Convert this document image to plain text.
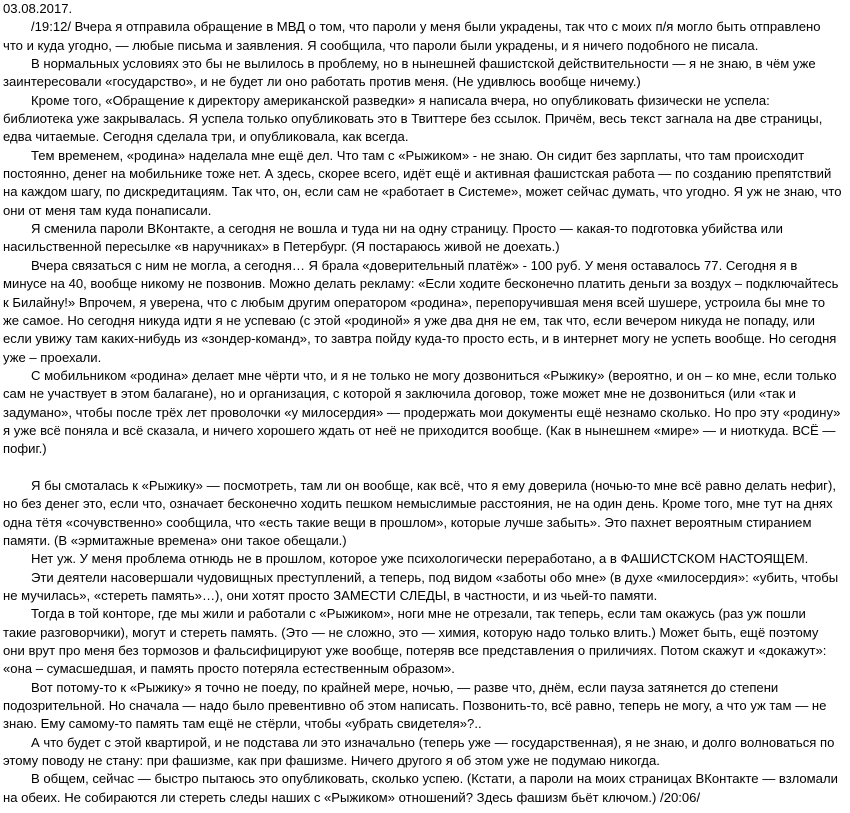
03.08.2017.
/19:12/ Вчера я отправила обращение в МВД о том, что пароли у меня были украдены, так что с моих п/я могло быть отправлено что и куда угодно, — любые письма и заявления. Я сообщила, что пароли были украдены, и я ничего подобного не писала.
В нормальных условиях это бы не вылилось в проблему, но в нынешней фашистской действительности — я не знаю, в чём уже заинтересовали «государство», и не будет ли оно работать против меня. (Не удивлюсь вообще ничему.)
Кроме того, «Обращение к директору американской разведки» я написала вчера, но опубликовать физически не успела: библиотека уже закрывалась. Я успела только опубликовать это в Твиттере без ссылок. Причём, весь текст загнала на две страницы, едва читаемые. Сегодня сделала три, и опубликовала, как всегда.
Тем временем, «родина» наделала мне ещё дел. Что там с «Рыжиком» - не знаю. Он сидит без зарплаты, что там происходит постоянно, денег на мобильнике тоже нет. А здесь, скорее всего, идёт ещё и активная фашистская работа — по созданию препятствий на каждом шагу, по дискредитациям. Так что, он, если сам не «работает в Системе», может сейчас думать, что угодно. Я уж не знаю, что они от меня там куда понаписали.
Я сменила пароли ВКонтакте, а сегодня не вошла и туда ни на одну страницу. Просто — какая-то подготовка убийства или насильственной пересылке «в наручниках» в Петербург. (Я постараюсь живой не доехать.)
Вчера связаться с ним не могла, а сегодня… Я брала «доверительный платёж» - 100 руб. У меня оставалось 77. Сегодня я в минусе на 40, вообще никому не позвонив. Можно делать рекламу: «Если ходите бесконечно платить деньги за воздух – подключайтесь к Билайну!» Впрочем, я уверена, что с любым другим оператором «родина», перепоручившая меня всей шушере, устроила бы мне то же самое. Но сегодня никуда идти я не успеваю (с этой «родиной» я уже два дня не ем, так что, если вечером никуда не попаду, или если увижу там каких-нибудь из «зондер-команд», то завтра пойду куда-то просто есть, и в интернет могу не успеть вообще. Но сегодня уже – проехали.
С мобильником «родина» делает мне чёрти что, и я не только не могу дозвониться «Рыжику» (вероятно, и он – ко мне, если только сам не участвует в этом балагане), но и организация, с которой я заключила договор, тоже может мне не дозвониться (или «так и задумано», чтобы после трёх лет проволочки «у милосердия» — продержать мои документы ещё незнамо сколько. Но про эту «родину» я уже всё поняла и всё сказала, и ничего хорошего ждать от неё не приходится вообще. (Как в нынешнем «мире» — и ниоткуда. ВСЁ — пофиг.)
Я бы смоталась к «Рыжику» — посмотреть, там ли он вообще, как всё, что я ему доверила (ночью-то мне всё равно делать нефиг), но без денег это, если что, означает бесконечно ходить пешком немыслимые расстояния, не на один день. Кроме того, мне тут на днях одна тётя «сочувственно» сообщила, что «есть такие вещи в прошлом», которые лучше забыть». Это пахнет вероятным стиранием памяти. (В «эрмитажные времена» они такое обещали.)
Нет уж. У меня проблема отнюдь не в прошлом, которое уже психологически переработано, а в ФАШИСТСКОМ НАСТОЯЩЕМ.
Эти деятели насовершали чудовищных преступлений, а теперь, под видом «заботы обо мне» (в духе «милосердия»: «убить, чтобы не мучилась», «стереть память»…), они хотят просто ЗАМЕСТИ СЛЕДЫ, в частности, и из чьей-то памяти.
Тогда в той конторе, где мы жили и работали с «Рыжиком», ноги мне не отрезали, так теперь, если там окажусь (раз уж пошли такие разговорчики), могут и стереть память. (Это — не сложно, это — химия, которую надо только влить.) Может быть, ещё поэтому они врут про меня без тормозов и фальсифицируют уже вообще, потеряв все представления о приличиях. Потом скажут и «докажут»: «она – сумасшедшая, и память просто потеряла естественным образом».
Вот потому-то к «Рыжику» я точно не поеду, по крайней мере, ночью, — разве что, днём, если пауза затянется до степени подозрительной. Но сначала — надо было превентивно об этом написать. Позвонить-то, всё равно, теперь не могу, а что уж там — не знаю. Ему самому-то память там ещё не стёрли, чтобы «убрать свидетеля»?..
А что будет с этой квартирой, и не подстава ли это изначально (теперь уже — государственная), я не знаю, и долго волноваться по этому поводу не стану: при фашизме, как при фашизме. Ничего другого я об этом уже не подумаю никогда.
В общем, сейчас — быстро пытаюсь это опубликовать, сколько успею. (Кстати, а пароли на моих страницах ВКонтакте — взломали на обеих. Не собираются ли стереть следы наших с «Рыжиком» отношений? Здесь фашизм бьёт ключом.) /20:06/
